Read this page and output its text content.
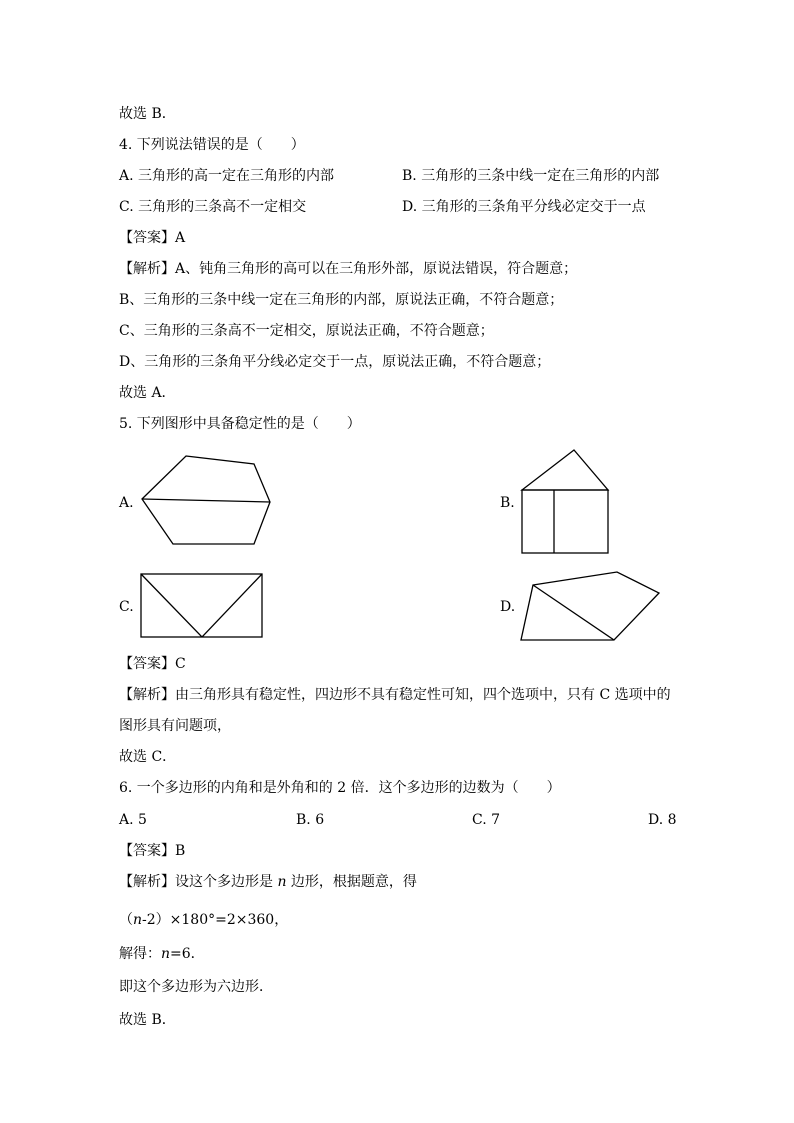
故选 B．
4. 下列说法错误的是（　　）
A. 三角形的高一定在三角形的内部	B. 三角形的三条中线一定在三角形的内部
C. 三角形的三条高不一定相交	D. 三角形的三条角平分线必定交于一点
【答案】A
【解析】A、钝角三角形的高可以在三角形外部，原说法错误，符合题意；
B、三角形的三条中线一定在三角形的内部，原说法正确，不符合题意；
C、三角形的三条高不一定相交，原说法正确，不符合题意；
D、三角形的三条角平分线必定交于一点，原说法正确，不符合题意；
故选 A．
5. 下列图形中具备稳定性的是（　　）
A.	B.
C.	D.
【答案】C
【解析】由三角形具有稳定性，四边形不具有稳定性可知，四个选项中，只有 C 选项中的
图形具有问题项，
故选 C．
6. 一个多边形的内角和是外角和的 2 倍．这个多边形的边数为（　　）
A. 5	B. 6	C. 7	D. 8
【答案】B
【解析】设这个多边形是 n 边形，根据题意，得
（n-2）×180°=2×360，
解得：n=6．
即这个多边形为六边形．
故选 B．
